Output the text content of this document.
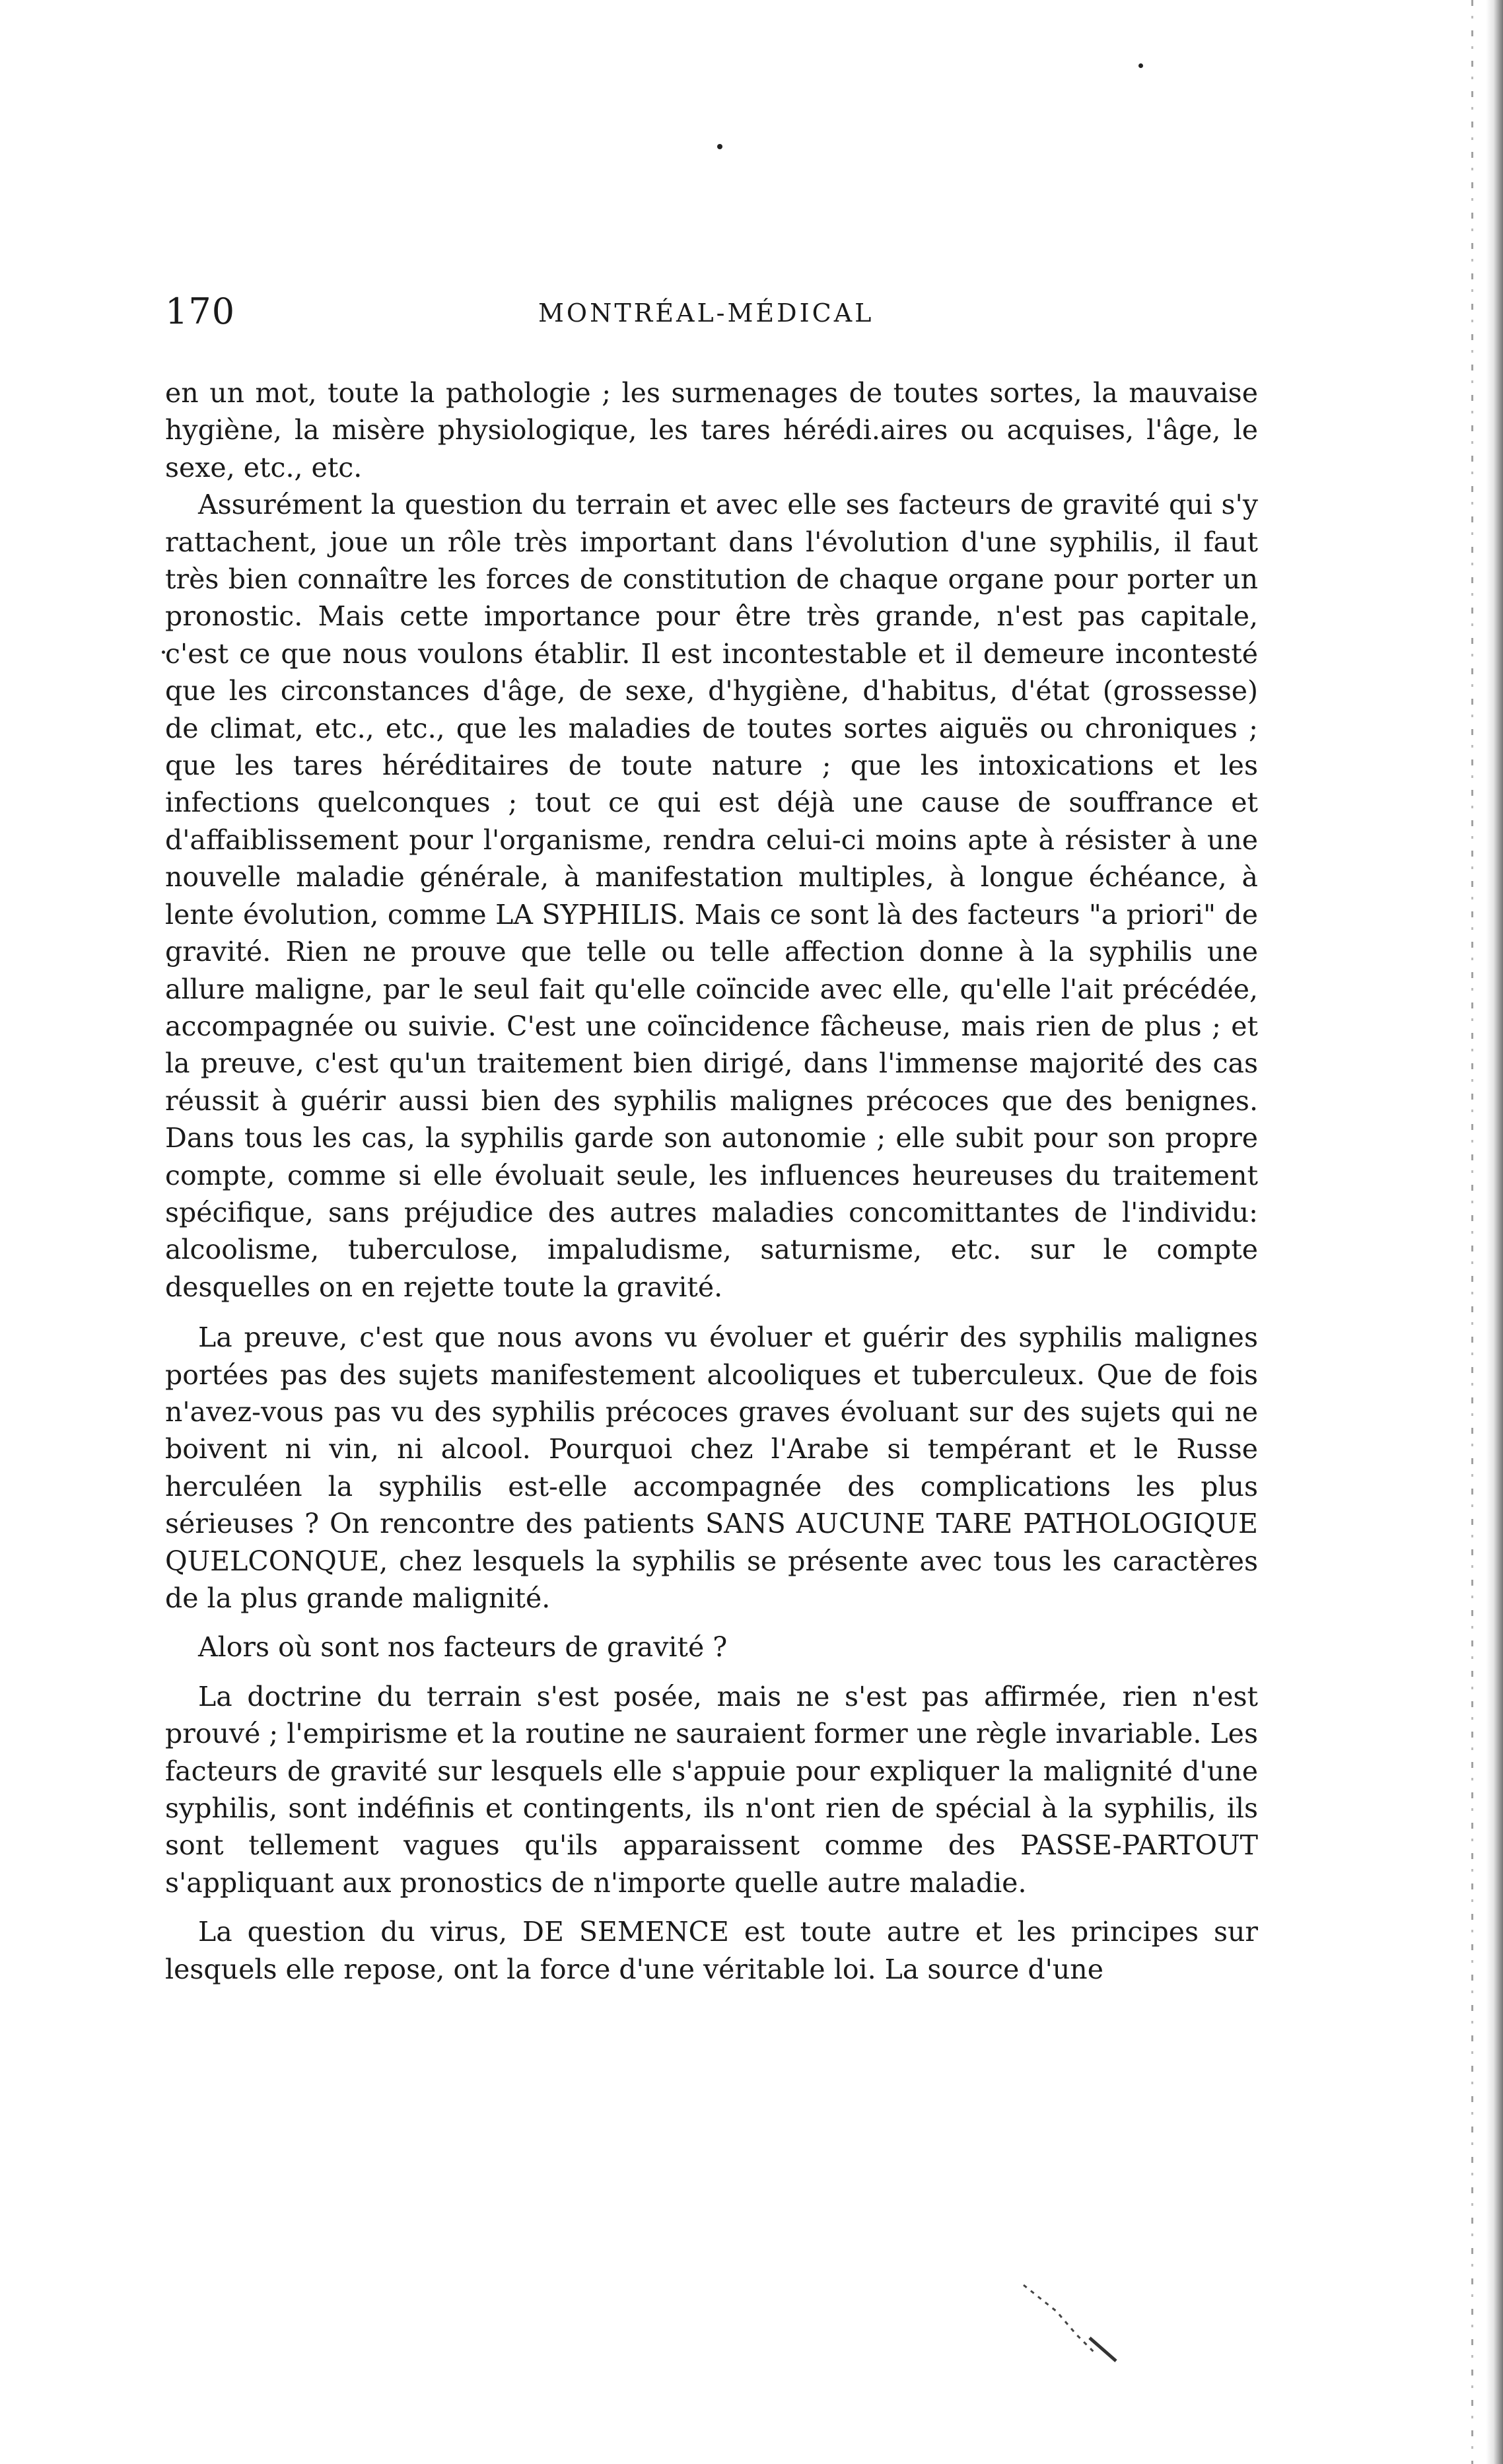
170	MONTRÉAL-MÉDICAL

en un mot, toute la pathologie ; les surmenages de toutes sortes, la mauvaise hygiène, la misère physiologique, les tares hérédi.aires ou acquises, l'âge, le sexe, etc., etc.

Assurément la question du terrain et avec elle ses facteurs de gravité qui s'y rattachent, joue un rôle très important dans l'évolution d'une syphilis, il faut très bien connaître les forces de constitution de chaque organe pour porter un pronostic. Mais cette importance pour être très grande, n'est pas capitale, c'est ce que nous voulons établir. Il est incontestable et il demeure incontesté que les circonstances d'âge, de sexe, d'hygiène, d'habitus, d'état (grossesse) de climat, etc., etc., que les maladies de toutes sortes aiguës ou chroniques ; que les tares héréditaires de toute nature ; que les intoxications et les infections quelconques ; tout ce qui est déjà une cause de souffrance et d'affaiblissement pour l'organisme, rendra celui-ci moins apte à résister à une nouvelle maladie générale, à manifestation multiples, à longue échéance, à lente évolution, comme LA SYPHILIS. Mais ce sont là des facteurs "a priori" de gravité. Rien ne prouve que telle ou telle affection donne à la syphilis une allure maligne, par le seul fait qu'elle coïncide avec elle, qu'elle l'ait précédée, accompagnée ou suivie. C'est une coïncidence fâcheuse, mais rien de plus ; et la preuve, c'est qu'un traitement bien dirigé, dans l'immense majorité des cas réussit à guérir aussi bien des syphilis malignes précoces que des benignes. Dans tous les cas, la syphilis garde son autonomie ; elle subit pour son propre compte, comme si elle évoluait seule, les influences heureuses du traitement spécifique, sans préjudice des autres maladies concomittantes de l'individu: alcoolisme, tuberculose, impaludisme, saturnisme, etc. sur le compte desquelles on en rejette toute la gravité.

La preuve, c'est que nous avons vu évoluer et guérir des syphilis malignes portées pas des sujets manifestement alcooliques et tuberculeux. Que de fois n'avez-vous pas vu des syphilis précoces graves évoluant sur des sujets qui ne boivent ni vin, ni alcool. Pourquoi chez l'Arabe si tempérant et le Russe herculéen la syphilis est-elle accompagnée des complications les plus sérieuses ? On rencontre des patients SANS AUCUNE TARE PATHOLOGIQUE QUELCONQUE, chez lesquels la syphilis se présente avec tous les caractères de la plus grande malignité.

Alors où sont nos facteurs de gravité ?

La doctrine du terrain s'est posée, mais ne s'est pas affirmée, rien n'est prouvé ; l'empirisme et la routine ne sauraient former une règle invariable. Les facteurs de gravité sur lesquels elle s'appuie pour expliquer la malignité d'une syphilis, sont indéfinis et contingents, ils n'ont rien de spécial à la syphilis, ils sont tellement vagues qu'ils apparaissent comme des PASSE-PARTOUT s'appliquant aux pronostics de n'importe quelle autre maladie.

La question du virus, DE SEMENCE est toute autre et les principes sur lesquels elle repose, ont la force d'une véritable loi. La source d'une
